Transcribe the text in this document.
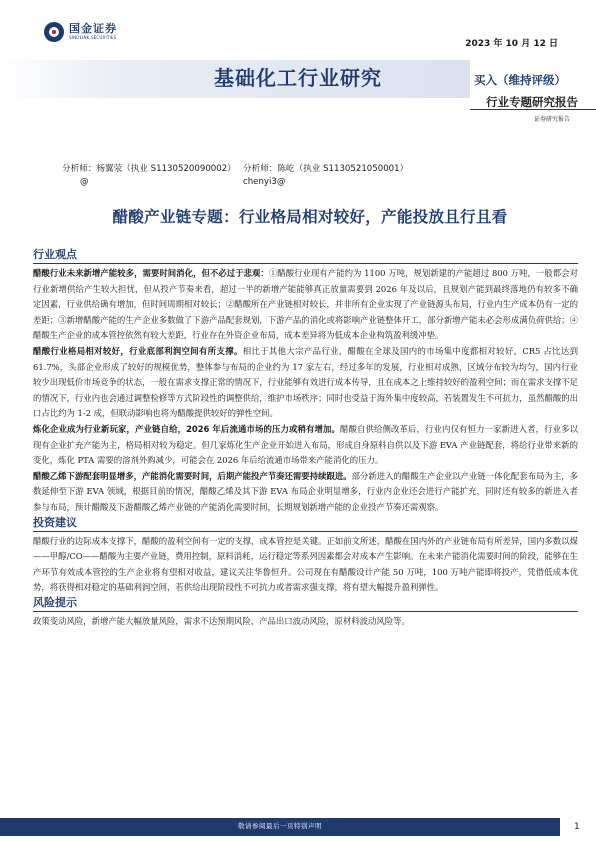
国金证券
SINOLINK SECURITIES
2023 年 10 月 12 日
基础化工行业研究	买入（维持评级）
行业专题研究报告
证券研究报告
分析师：杨翼荥（执业 S1130520090002） 分析师：陈屹（执业 S1130521050001）
@	chenyi3@
醋酸产业链专题：行业格局相对较好，产能投放且行且看
行业观点

醋酸行业未来新增产能较多，需要时间消化，但不必过于悲观：①醋酸行业现有产能约为 1100 万吨，规划新建的产能超过 800 万吨，一般都会对行业新增供给产生较大担忧，但从投产节奏来看，超过一半的新增产能能够真正放量需要到 2026 年及以后，且规划产能到最终落地仍有较多不确定因素，行业供给确有增加，但时间周期相对较长；②醋酸所在产业链相对较长，并非所有企业实现了产业链源头布局，行业内生产成本仍有一定的差距；③新增醋酸产能的生产企业多数做了下游产品配套规划，下游产品的消化或将影响产业链整体开工，部分新增产能未必会形成满负荷供给；④醋酸生产企业的成本管控依然有较大差距，行业存在外资企业布局，成本差异将为低成本企业构筑盈利缓冲垫。

醋酸行业格局相对较好，行业底部利润空间有所支撑。相比于其他大宗产品行业，醋酸在全球及国内的市场集中度都相对较好，CR5 占比达到 61.7%，头部企业形成了较好的规模优势，整体参与布局的企业约为 17 家左右，经过多年的发展，行业相对成熟，区域分布较为均匀，国内行业较少出现低价市场竞争的状态，一般在需求支撑正常的情况下，行业能够有效进行成本传导，且在成本之上维持较好的盈利空间；而在需求支撑不足的情况下，行业内也会通过调整检修等方式阶段性的调整供给，维护市场秩序；同时也受益于海外集中度较高，若装置发生不可抗力，虽然醋酸的出口占比约为 1-2 成，但联动影响也将为醋酸提供较好的弹性空间。

炼化企业成为行业新玩家，产业链自给，2026 年后流通市场的压力或稍有增加。醋酸自供给侧改革后，行业内仅有恒力一家新进入者，行业多以现有企业扩充产能为主，格局相对较为稳定。但几家炼化生产企业开始进入布局，形成自身原料自供以及下游 EVA 产业链配套，将给行业带来新的变化，炼化 PTA 需要的溶剂外购减少，可能会在 2026 年后给流通市场带来产能消化的压力。

醋酸乙烯下游配套明显增多，产能消化需要时间，后期产能投产节奏还需要持续跟进。部分新进入的醋酸生产企业以产业链一体化配套布局为主，多数延伸至下游 EVA 领域，根据目前的情况，醋酸乙烯及其下游 EVA 布局企业明显增多，行业内企业还会进行产能扩充，同时还有较多的新进入者参与布局，预计醋酸及下游醋酸乙烯产业链的产能消化需要时间，长期规划新增产能的企业投产节奏还需观察。

投资建议

醋酸行业的边际成本支撑下，醋酸的盈利空间有一定的支撑，成本管控是关键。正如前文所述，醋酸在国内外的产业链布局有所差异，国内多数以煤——甲醇/CO——醋酸为主要产业链，费用控制，原料消耗，运行稳定等系列因素都会对成本产生影响。在未来产能消化需要时间的阶段，能够在生产环节有效成本管控的生产企业将有望相对收益，建议关注华鲁恒升。公司现在有醋酸设计产能 50 万吨，100 万吨产能即将投产，凭借低成本优势，将获得相对稳定的基础利润空间，若供给出现阶段性不可抗力或者需求强支撑，将有望大幅提升盈利弹性。

风险提示

政策变动风险，新增产能大幅放量风险，需求不达预期风险，产品出口波动风险，原材料波动风险等。

敬请参阅最后一页特别声明	1
